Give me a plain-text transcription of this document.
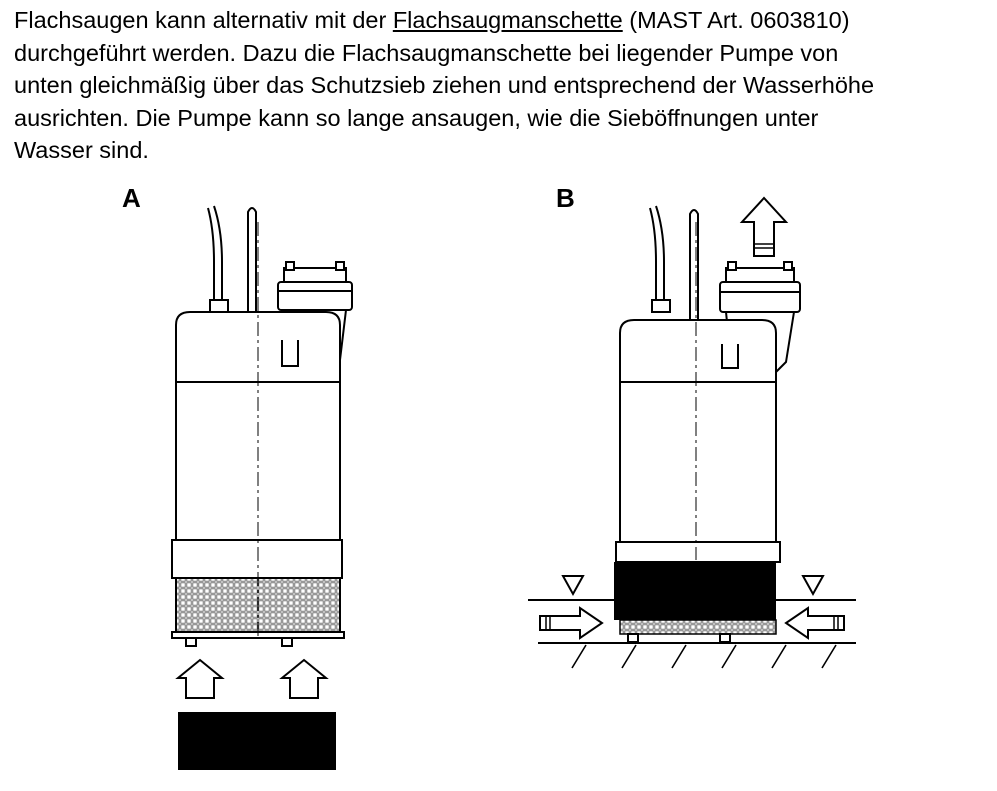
Flachsaugen kann alternativ mit der Flachsaugmanschette (MAST Art. 0603810)
durchgeführt werden. Dazu die Flachsaugmanschette bei liegender Pumpe von
unten gleichmäßig über das Schutzsieb ziehen und entsprechend der Wasserhöhe
ausrichten. Die Pumpe kann so lange ansaugen, wie die Sieböffnungen unter
Wasser sind.

A	B
